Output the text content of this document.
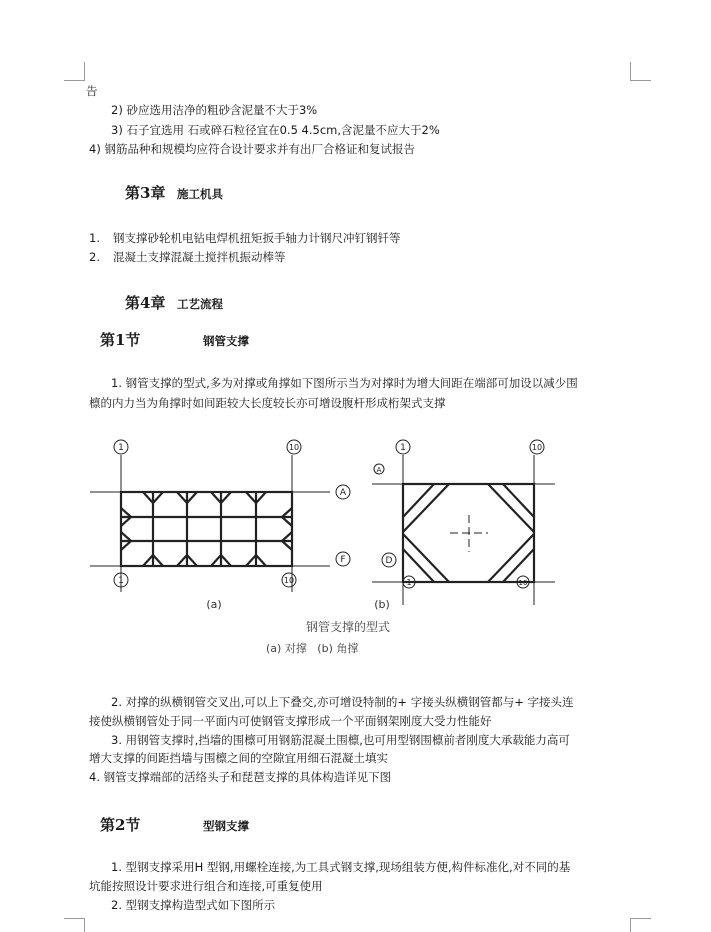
告
2) 砂应选用洁净的粗砂含泥量不大于3%
3) 石子宜选用 石或碎石粒径宜在0.5 4.5cm,含泥量不应大于2%
4) 钢筋品种和规模均应符合设计要求并有出厂合格证和复试报告
第3章 施工机具
1. 钢支撑砂轮机电钻电焊机扭矩扳手轴力计钢尺冲钉钢钎等
2. 混凝土支撑混凝土搅拌机振动棒等
第4章 工艺流程
第1节	钢管支撑
1. 钢管支撑的型式,多为对撑或角撑如下图所示当为对撑时为增大间距在端部可加设以减少围
檩的内力当为角撑时如间距较大长度较长亦可增设腹杆形成桁架式支撑
1	10
A
F
1	10
1	10
A
D
1	10
(a)	(b)
钢管支撑的型式
(a) 对撑   (b) 角撑
2. 对撑的纵横钢管交叉出,可以上下叠交,亦可增设特制的+ 字接头纵横钢管都与+ 字接头连
接使纵横钢管处于同一平面内可使钢管支撑形成一个平面钢架刚度大受力性能好
3. 用钢管支撑时,挡墙的围檩可用钢筋混凝土围檩,也可用型钢围檩前者刚度大承载能力高可
增大支撑的间距挡墙与围檩之间的空隙宜用细石混凝土填实
4. 钢管支撑端部的活络头子和琵琶支撑的具体构造详见下图
第2节	型钢支撑
1. 型钢支撑采用H 型钢,用螺栓连接,为工具式钢支撑,现场组装方便,构件标准化,对不同的基
坑能按照设计要求进行组合和连接,可重复使用
2. 型钢支撑构造型式如下图所示
